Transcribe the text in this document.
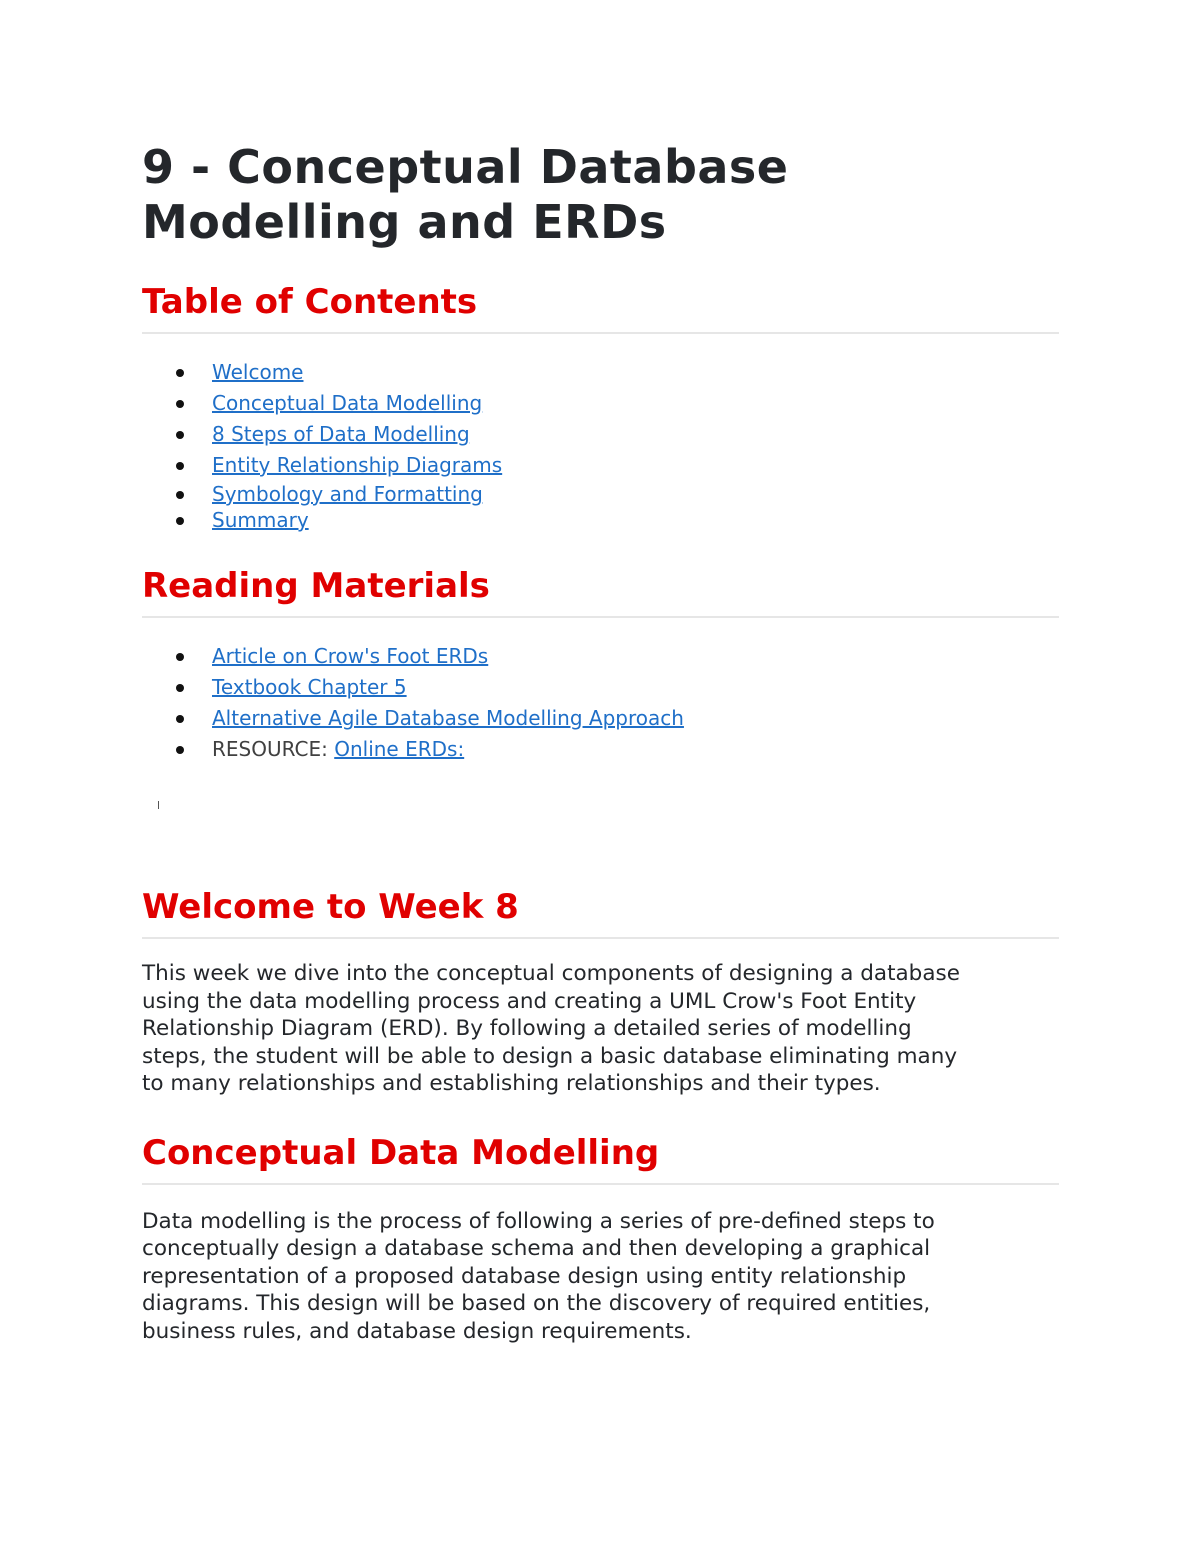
9 - Conceptual Database
Modelling and ERDs
Table of Contents
Welcome
Conceptual Data Modelling
8 Steps of Data Modelling
Entity Relationship Diagrams
Symbology and Formatting
Summary
Reading Materials
Article on Crow's Foot ERDs
Textbook Chapter 5
Alternative Agile Database Modelling Approach
RESOURCE: Online ERDs:
Welcome to Week 8

This week we dive into the conceptual components of designing a database
using the data modelling process and creating a UML Crow's Foot Entity
Relationship Diagram (ERD). By following a detailed series of modelling
steps, the student will be able to design a basic database eliminating many
to many relationships and establishing relationships and their types.

Conceptual Data Modelling

Data modelling is the process of following a series of pre-defined steps to
conceptually design a database schema and then developing a graphical
representation of a proposed database design using entity relationship
diagrams. This design will be based on the discovery of required entities,
business rules, and database design requirements.
